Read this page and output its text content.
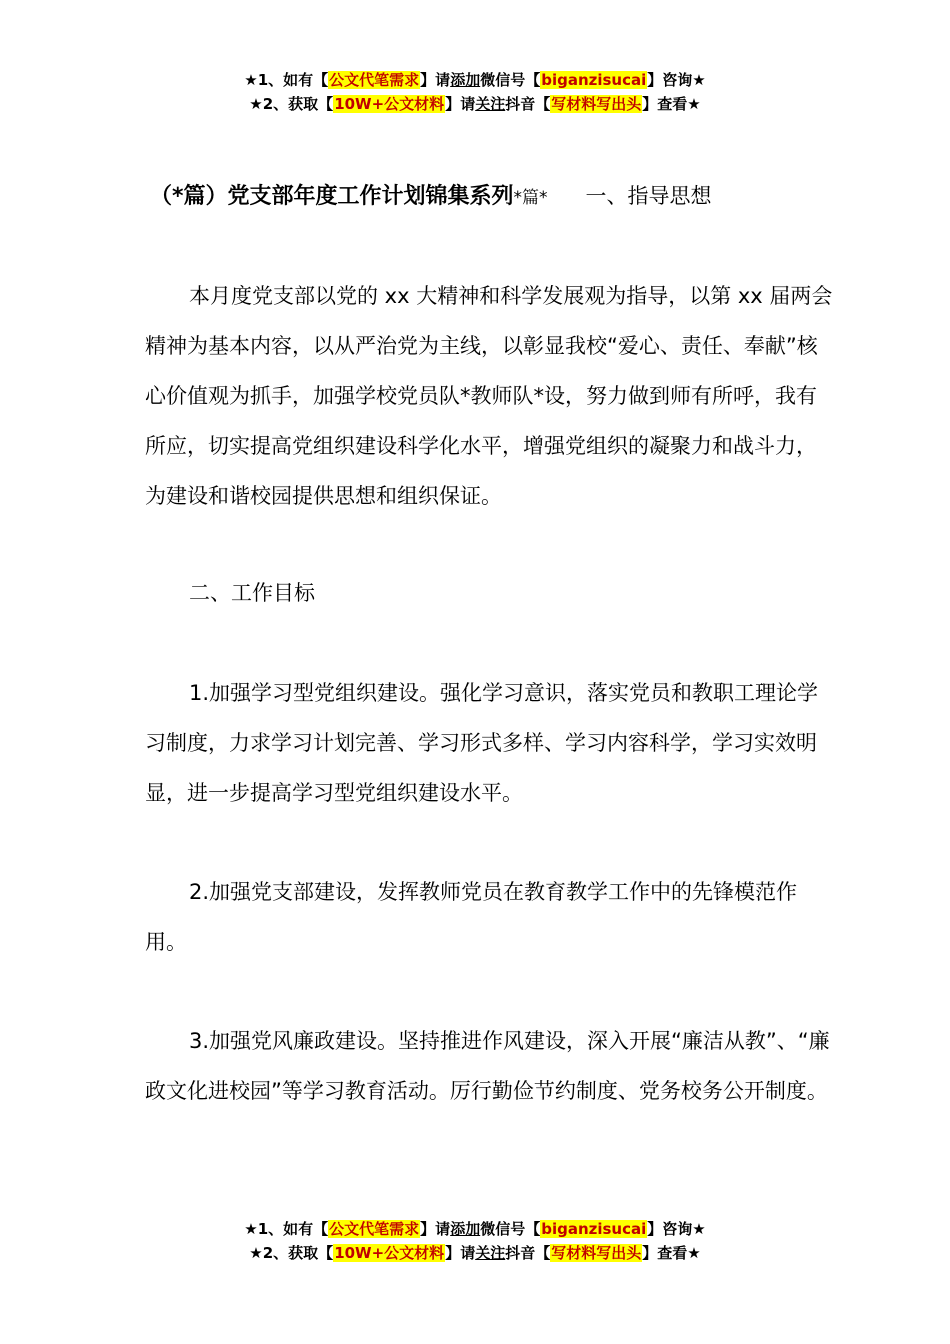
★1、如有【公文代笔需求】请添加微信号【biganzisucai】咨询★
★2、获取【10W+公文材料】请关注抖音【写材料写出头】查看★
（*篇）党支部年度工作计划锦集系列*篇* 一、指导思想

本月度党支部以党的 xx 大精神和科学发展观为指导，以第 xx 届两会精神为基本内容，以从严治党为主线，以彰显我校“爱心、责任、奉献”核心价值观为抓手，加强学校党员队*教师队*设，努力做到师有所呼，我有所应，切实提高党组织建设科学化水平，增强党组织的凝聚力和战斗力，为建设和谐校园提供思想和组织保证。

二、工作目标

1.加强学习型党组织建设。强化学习意识，落实党员和教职工理论学习制度，力求学习计划完善、学习形式多样、学习内容科学，学习实效明显，进一步提高学习型党组织建设水平。

2.加强党支部建设，发挥教师党员在教育教学工作中的先锋模范作用。

3.加强党风廉政建设。坚持推进作风建设，深入开展“廉洁从教”、“廉政文化进校园”等学习教育活动。厉行勤俭节约制度、党务校务公开制度。

★1、如有【公文代笔需求】请添加微信号【biganzisucai】咨询★
★2、获取【10W+公文材料】请关注抖音【写材料写出头】查看★
